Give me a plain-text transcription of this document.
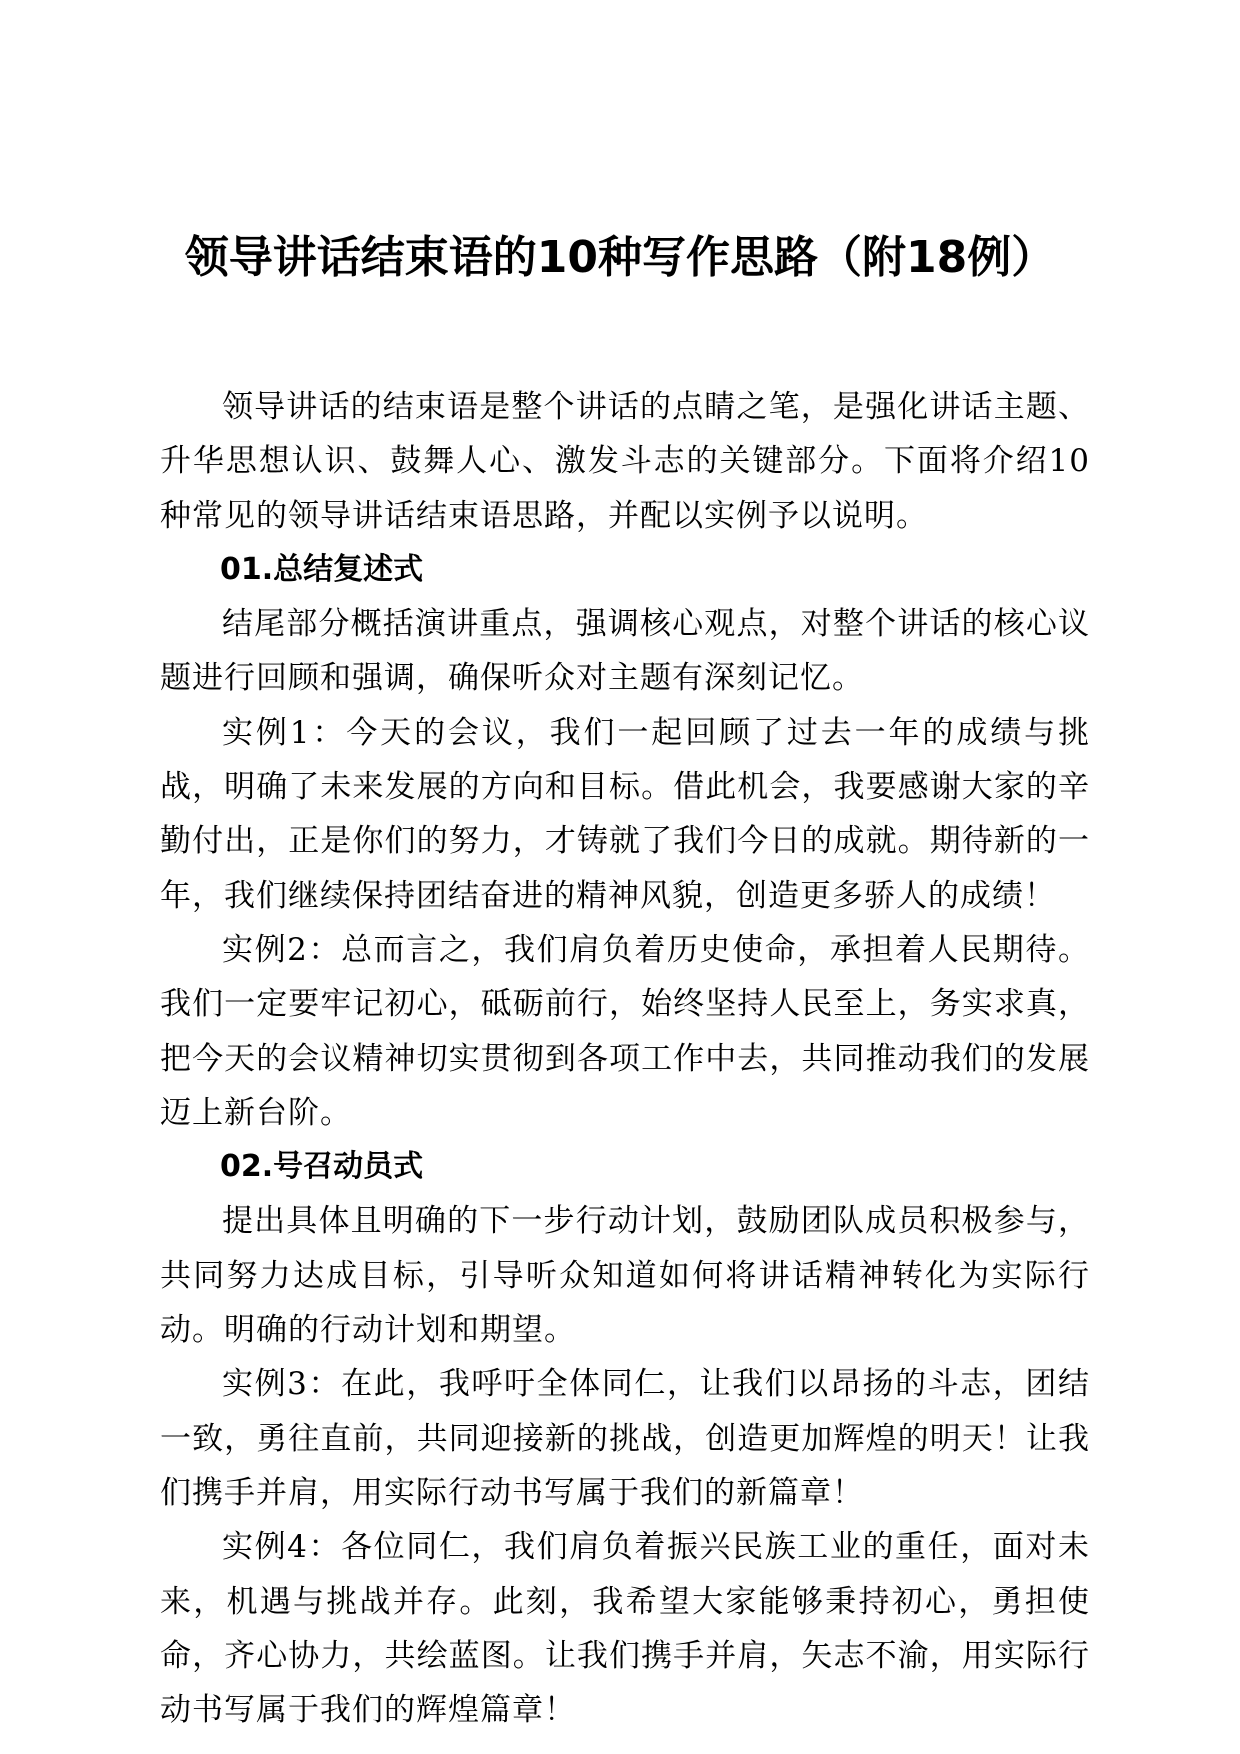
领导讲话结束语的10种写作思路（附18例）

领导讲话的结束语是整个讲话的点睛之笔，是强化讲话主题、升华思想认识、鼓舞人心、激发斗志的关键部分。下面将介绍10种常见的领导讲话结束语思路，并配以实例予以说明。

01.总结复述式

结尾部分概括演讲重点，强调核心观点，对整个讲话的核心议题进行回顾和强调，确保听众对主题有深刻记忆。

实例1：今天的会议，我们一起回顾了过去一年的成绩与挑战，明确了未来发展的方向和目标。借此机会，我要感谢大家的辛勤付出，正是你们的努力，才铸就了我们今日的成就。期待新的一年，我们继续保持团结奋进的精神风貌，创造更多骄人的成绩！

实例2：总而言之，我们肩负着历史使命，承担着人民期待。我们一定要牢记初心，砥砺前行，始终坚持人民至上，务实求真，把今天的会议精神切实贯彻到各项工作中去，共同推动我们的发展迈上新台阶。

02.号召动员式

提出具体且明确的下一步行动计划，鼓励团队成员积极参与，共同努力达成目标，引导听众知道如何将讲话精神转化为实际行动。明确的行动计划和期望。

实例3：在此，我呼吁全体同仁，让我们以昂扬的斗志，团结一致，勇往直前，共同迎接新的挑战，创造更加辉煌的明天！让我们携手并肩，用实际行动书写属于我们的新篇章！

实例4：各位同仁，我们肩负着振兴民族工业的重任，面对未来，机遇与挑战并存。此刻，我希望大家能够秉持初心，勇担使命，齐心协力，共绘蓝图。让我们携手并肩，矢志不渝，用实际行动书写属于我们的辉煌篇章！
